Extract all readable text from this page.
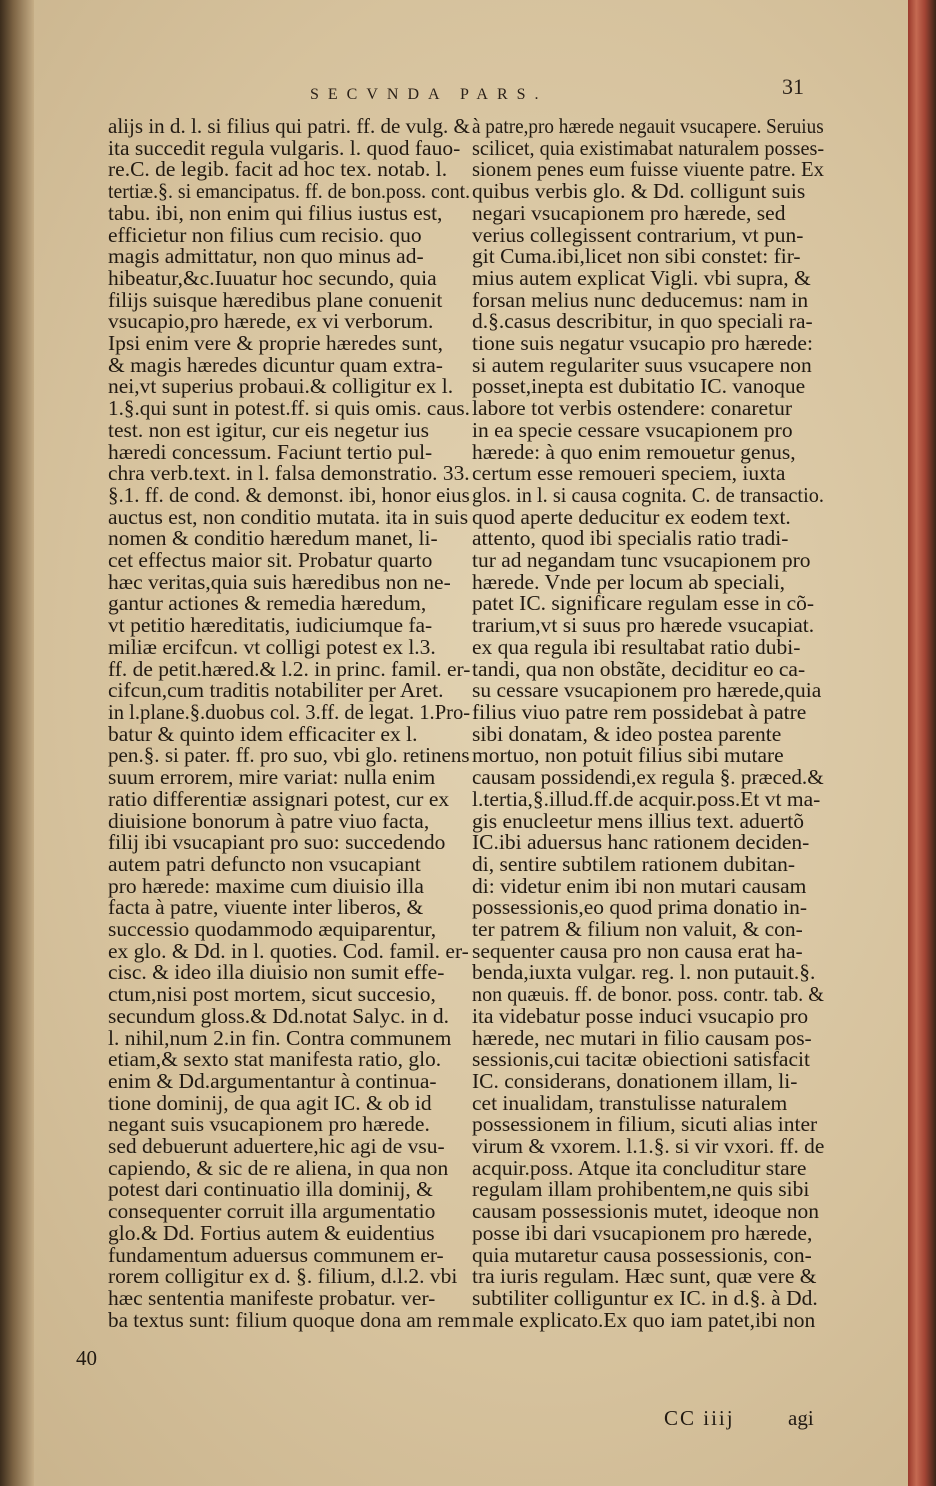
SECVNDA PARS.	31
alijs in d. l. si filius qui patri. ff. de vulg. &
ita succedit regula vulgaris. l. quod fauo-
re.C. de legib. facit ad hoc tex. notab. l.
tertiæ.§. si emancipatus. ff. de bon.poss. cont.
tabu. ibi, non enim qui filius iustus est,
efficietur non filius cum recisio. quo
magis admittatur, non quo minus ad-
hibeatur,&c.Iuuatur hoc secundo, quia
filijs suisque hæredibus plane conuenit
vsucapio,pro hærede, ex vi verborum.
Ipsi enim vere & proprie hæredes sunt,
& magis hæredes dicuntur quam extra-
nei,vt superius probaui.& colligitur ex l.
1.§.qui sunt in potest.ff. si quis omis. caus.
test. non est igitur, cur eis negetur ius
hæredi concessum. Faciunt tertio pul-
chra verb.text. in l. falsa demonstratio. 33.
§.1. ff. de cond. & demonst. ibi, honor eius
auctus est, non conditio mutata. ita in suis
nomen & conditio hæredum manet, li-
cet effectus maior sit. Probatur quarto
hæc veritas,quia suis hæredibus non ne-
gantur actiones & remedia hæredum,
vt petitio hæreditatis, iudiciumque fa-
miliæ ercifcun. vt colligi potest ex l.3.
ff. de petit.hæred.& l.2. in princ. famil. er-
cifcun,cum traditis notabiliter per Aret.
in l.plane.§.duobus col. 3.ff. de legat. 1.Pro-
batur & quinto idem efficaciter ex l.
pen.§. si pater. ff. pro suo, vbi glo. retinens
suum errorem, mire variat: nulla enim
ratio differentiæ assignari potest, cur ex
diuisione bonorum à patre viuo facta,
filij ibi vsucapiant pro suo: succedendo
autem patri defuncto non vsucapiant
pro hærede: maxime cum diuisio illa
facta à patre, viuente inter liberos, &
successio quodammodo æquiparentur,
ex glo. & Dd. in l. quoties. Cod. famil. er-
cisc. & ideo illa diuisio non sumit effe-
ctum,nisi post mortem, sicut succesio,
secundum gloss.& Dd.notat Salyc. in d.
l. nihil,num 2.in fin. Contra communem
etiam,& sexto stat manifesta ratio, glo.
enim & Dd.argumentantur à continua-
tione dominij, de qua agit IC. & ob id
negant suis vsucapionem pro hærede.
sed debuerunt aduertere,hic agi de vsu-
capiendo, & sic de re aliena, in qua non
potest dari continuatio illa dominij, &
consequenter corruit illa argumentatio
glo.& Dd. Fortius autem & euidentius
fundamentum aduersus communem er-
rorem colligitur ex d. §. filium, d.l.2. vbi
hæc sententia manifeste probatur. ver-
ba textus sunt: filium quoque dona am rem
à patre,pro hærede negauit vsucapere. Seruius
scilicet, quia existimabat naturalem posses-
sionem penes eum fuisse viuente patre. Ex
quibus verbis glo. & Dd. colligunt suis
negari vsucapionem pro hærede, sed
verius collegissent contrarium, vt pun-
git Cuma.ibi,licet non sibi constet: fir-
mius autem explicat Vigli. vbi supra, &
forsan melius nunc deducemus: nam in
d.§.casus describitur, in quo speciali ra-
tione suis negatur vsucapio pro hærede:
si autem regulariter suus vsucapere non
posset,inepta est dubitatio IC. vanoque
labore tot verbis ostendere: conaretur
in ea specie cessare vsucapionem pro
hærede: à quo enim remouetur genus,
certum esse remoueri speciem, iuxta
glos. in l. si causa cognita. C. de transactio.
quod aperte deducitur ex eodem text.
attento, quod ibi specialis ratio tradi-
tur ad negandam tunc vsucapionem pro
hærede. Vnde per locum ab speciali,
patet IC. significare regulam esse in cõ-
trarium,vt si suus pro hærede vsucapiat.
ex qua regula ibi resultabat ratio dubi-
tandi, qua non obstãte, deciditur eo ca-
su cessare vsucapionem pro hærede,quia
filius viuo patre rem possidebat à patre
sibi donatam, & ideo postea parente
mortuo, non potuit filius sibi mutare
causam possidendi,ex regula §. præced.&
l.tertia,§.illud.ff.de acquir.poss.Et vt ma-
gis enucleetur mens illius text. aduertõ
IC.ibi aduersus hanc rationem deciden-
di, sentire subtilem rationem dubitan-
di: videtur enim ibi non mutari causam
possessionis,eo quod prima donatio in-
ter patrem & filium non valuit, & con-
sequenter causa pro non causa erat ha-
benda,iuxta vulgar. reg. l. non putauit.§.
non quæuis. ff. de bonor. poss. contr. tab. &
ita videbatur posse induci vsucapio pro
hærede, nec mutari in filio causam pos-
sessionis,cui tacitæ obiectioni satisfacit
IC. considerans, donationem illam, li-
cet inualidam, transtulisse naturalem
possessionem in filium, sicuti alias inter
virum & vxorem. l.1.§. si vir vxori. ff. de
acquir.poss. Atque ita concluditur stare
regulam illam prohibentem,ne quis sibi
causam possessionis mutet, ideoque non
posse ibi dari vsucapionem pro hærede,
quia mutaretur causa possessionis, con-
tra iuris regulam. Hæc sunt, quæ vere &
subtiliter colliguntur ex IC. in d.§. à Dd.
male explicato.Ex quo iam patet,ibi non
40
CC iiij	agi
